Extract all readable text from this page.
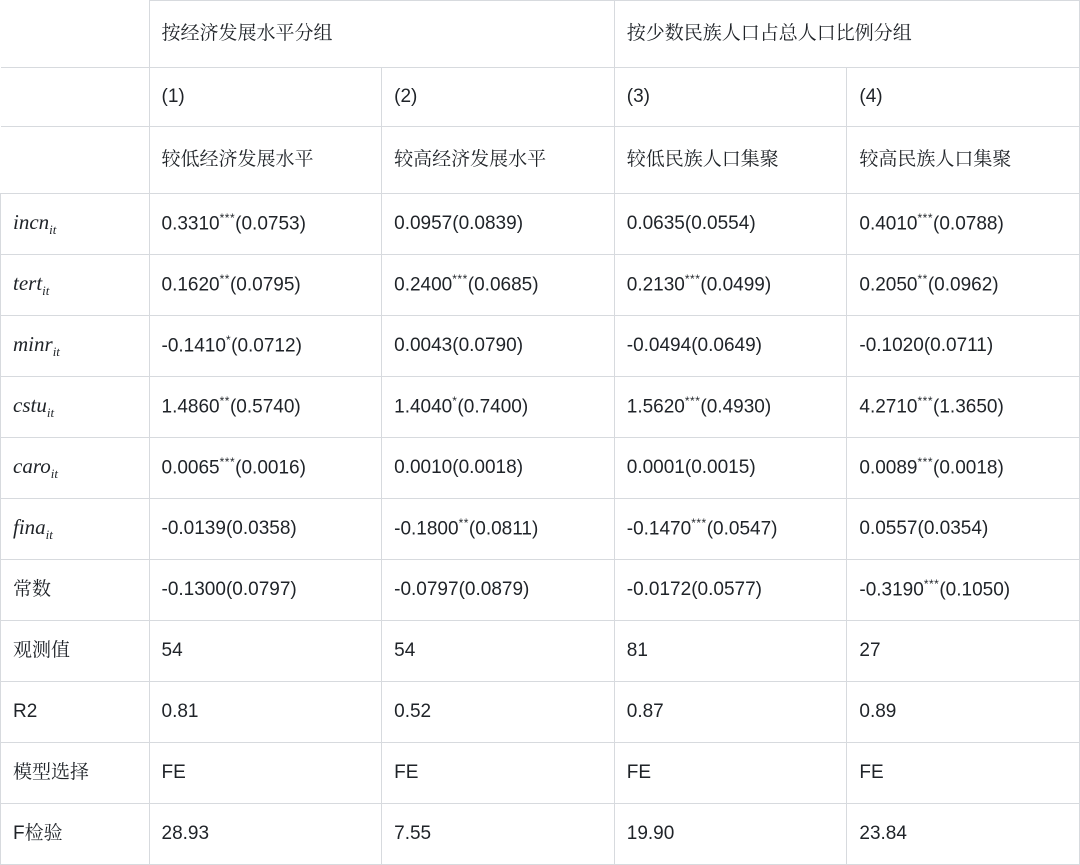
	按经济发展水平分组		按少数民族人口占总人口比例分组	
	(1)	(2)	(3)	(4)
	较低经济发展水平	较高经济发展水平	较低民族人口集聚	较高民族人口集聚
incn$_{it}$	0.3310***(0.0753)	0.0957(0.0839)	0.0635(0.0554)	0.4010***(0.0788)
tert$_{it}$	0.1620**(0.0795)	0.2400***(0.0685)	0.2130***(0.0499)	0.2050**(0.0962)
minr$_{it}$	-0.1410*(0.0712)	0.0043(0.0790)	-0.0494(0.0649)	-0.1020(0.0711)
cstu$_{it}$	1.4860**(0.5740)	1.4040*(0.7400)	1.5620***(0.4930)	4.2710***(1.3650)
caro$_{it}$	0.0065***(0.0016)	0.0010(0.0018)	0.0001(0.0015)	0.0089***(0.0018)
fina$_{it}$	-0.0139(0.0358)	-0.1800**(0.0811)	-0.1470***(0.0547)	0.0557(0.0354)
常数	-0.1300(0.0797)	-0.0797(0.0879)	-0.0172(0.0577)	-0.3190***(0.1050)
观测值	54	54	81	27
R2	0.81	0.52	0.87	0.89
模型选择	FE	FE	FE	FE
F检验	28.93	7.55	19.90	23.84
